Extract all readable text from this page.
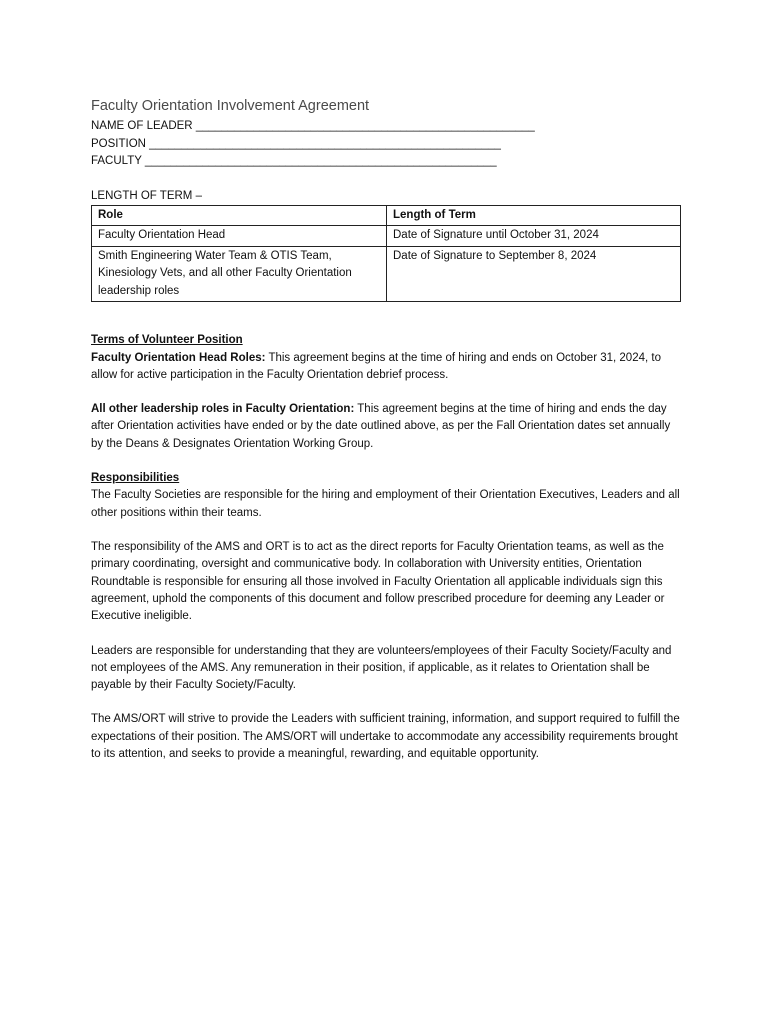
Faculty Orientation Involvement Agreement
NAME OF LEADER _____________________________________________________
POSITION _______________________________________________________
FACULTY _______________________________________________________
LENGTH OF TERM –
Role	Length of Term
Faculty Orientation Head	Date of Signature until October 31, 2024
Smith Engineering Water Team & OTIS Team, Kinesiology Vets, and all other Faculty Orientation leadership roles	Date of Signature to September 8, 2024
Terms of Volunteer Position

Faculty Orientation Head Roles: This agreement begins at the time of hiring and ends on October 31, 2024, to allow for active participation in the Faculty Orientation debrief process.

All other leadership roles in Faculty Orientation: This agreement begins at the time of hiring and ends the day after Orientation activities have ended or by the date outlined above, as per the Fall Orientation dates set annually by the Deans & Designates Orientation Working Group.

Responsibilities

The Faculty Societies are responsible for the hiring and employment of their Orientation Executives, Leaders and all other positions within their teams.

The responsibility of the AMS and ORT is to act as the direct reports for Faculty Orientation teams, as well as the primary coordinating, oversight and communicative body. In collaboration with University entities, Orientation Roundtable is responsible for ensuring all those involved in Faculty Orientation all applicable individuals sign this agreement, uphold the components of this document and follow prescribed procedure for deeming any Leader or Executive ineligible.

Leaders are responsible for understanding that they are volunteers/employees of their Faculty Society/Faculty and not employees of the AMS. Any remuneration in their position, if applicable, as it relates to Orientation shall be payable by their Faculty Society/Faculty.

The AMS/ORT will strive to provide the Leaders with sufficient training, information, and support required to fulfill the expectations of their position. The AMS/ORT will undertake to accommodate any accessibility requirements brought to its attention, and seeks to provide a meaningful, rewarding, and equitable opportunity.
